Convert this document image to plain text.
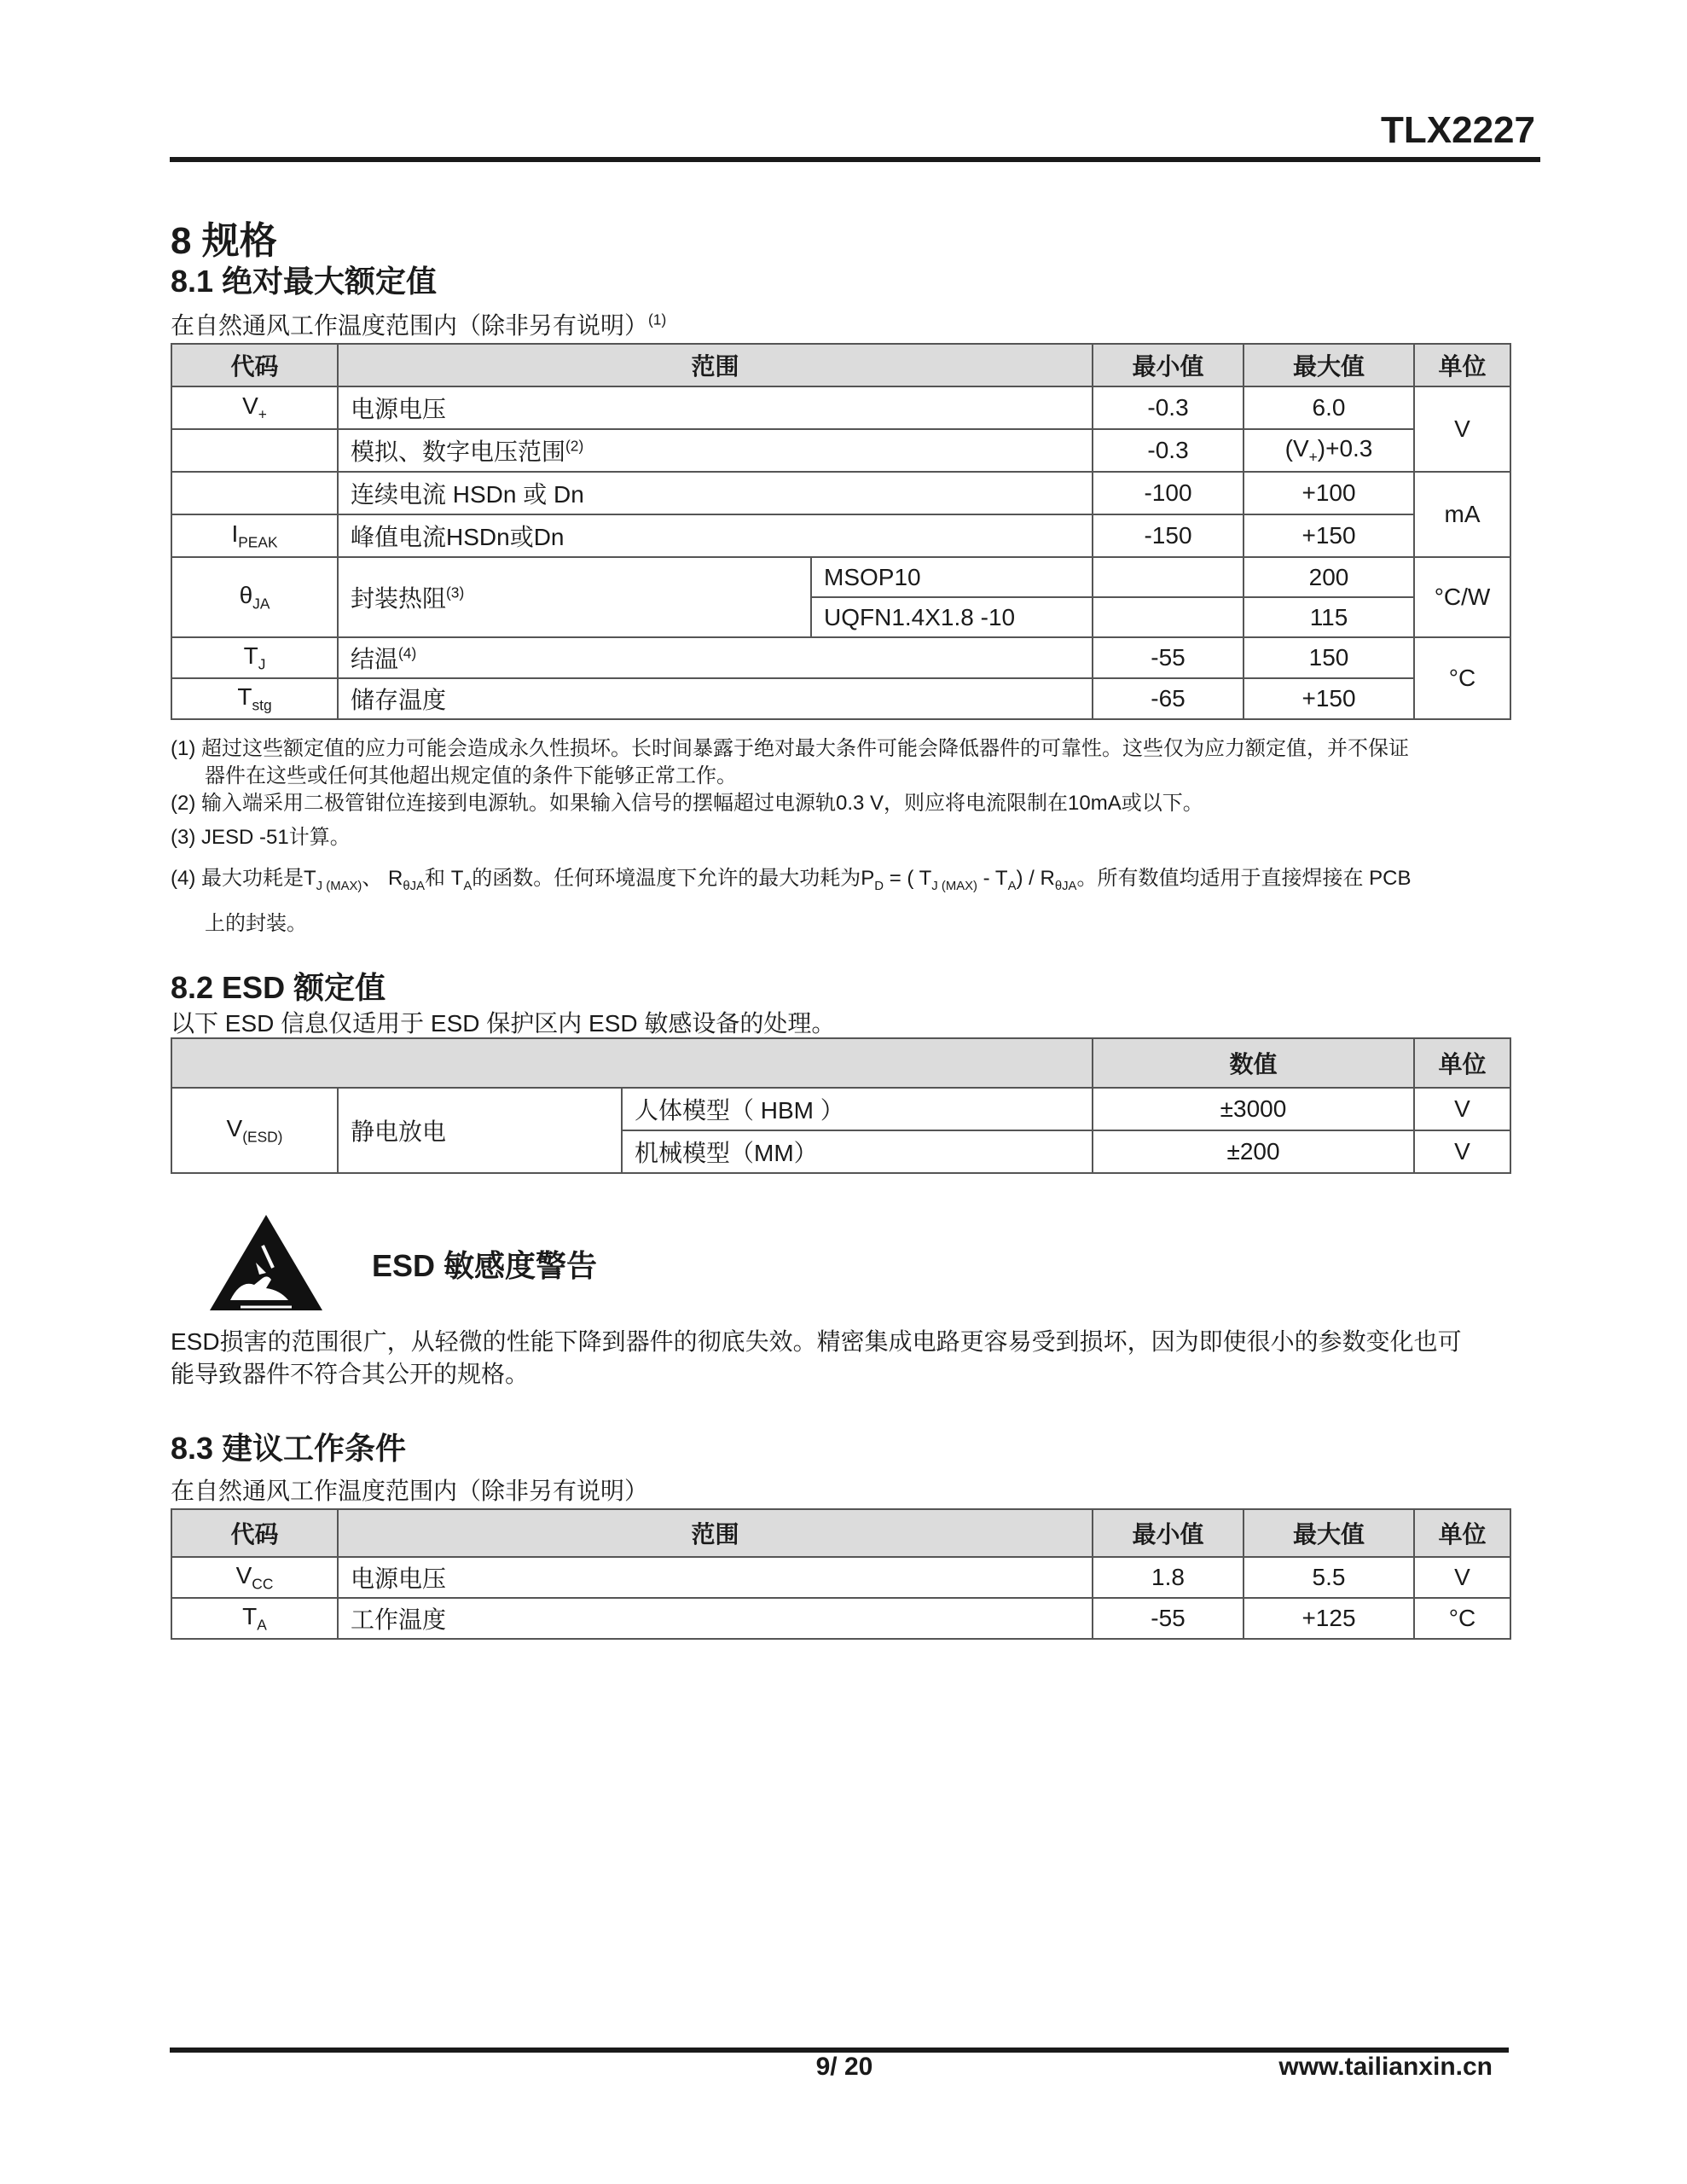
TLX2227
8 规格
8.1 绝对最大额定值
在自然通风工作温度范围内（除非另有说明）$^{(1)}$
代码	范围		最小值	最大值	单位
$V_+$	电源电压		-0.3	6.0	V
	模拟、数字电压范围$^{(2)}$		-0.3	$(V_+)+0.3$	
	连续电流 HSDn 或 Dn		-100	+100	mA
$I_{PEAK}$	峰值电流HSDn或Dn		-150	+150	
$\theta_{JA}$	封装热阻$^{(3)}$	MSOP10		200	°C/W
		UQFN1.4X1.8 -10		115	
$T_J$	结温$^{(4)}$		-55	150	°C
$T_{stg}$	储存温度		-65	+150	
(1) 超过这些额定值的应力可能会造成永久性损坏。长时间暴露于绝对最大条件可能会降低器件的可靠性。这些仅为应力额定值，并不保证
器件在这些或任何其他超出规定值的条件下能够正常工作。
(2) 输入端采用二极管钳位连接到电源轨。如果输入信号的摆幅超过电源轨0.3 V，则应将电流限制在10mA或以下。
(3) JESD -51计算。
(4) 最大功耗是$T_{J (MAX)}$、 $R_{\theta JA}$和 $T_A$的函数。任何环境温度下允许的最大功耗为$P_D$ = ( $T_{J (MAX)} - T_A) / R_{\theta JA}$。所有数值均适用于直接焊接在 PCB
上的封装。
8.2 ESD 额定值
以下 ESD 信息仅适用于 ESD 保护区内 ESD 敏感设备的处理。
			数值	单位
$V_{(ESD)}$	静电放电	人体模型（ HBM ）	±3000	V
		机械模型（MM）	±200	V
ESD 敏感度警告
ESD损害的范围很广，从轻微的性能下降到器件的彻底失效。精密集成电路更容易受到损坏，因为即使很小的参数变化也可
能导致器件不符合其公开的规格。
8.3 建议工作条件
在自然通风工作温度范围内（除非另有说明）
代码	范围	最小值	最大值	单位
$V_{CC}$	电源电压	1.8	5.5	V
$T_A$	工作温度	-55	+125	°C
9/ 20	www.tailianxin.cn
